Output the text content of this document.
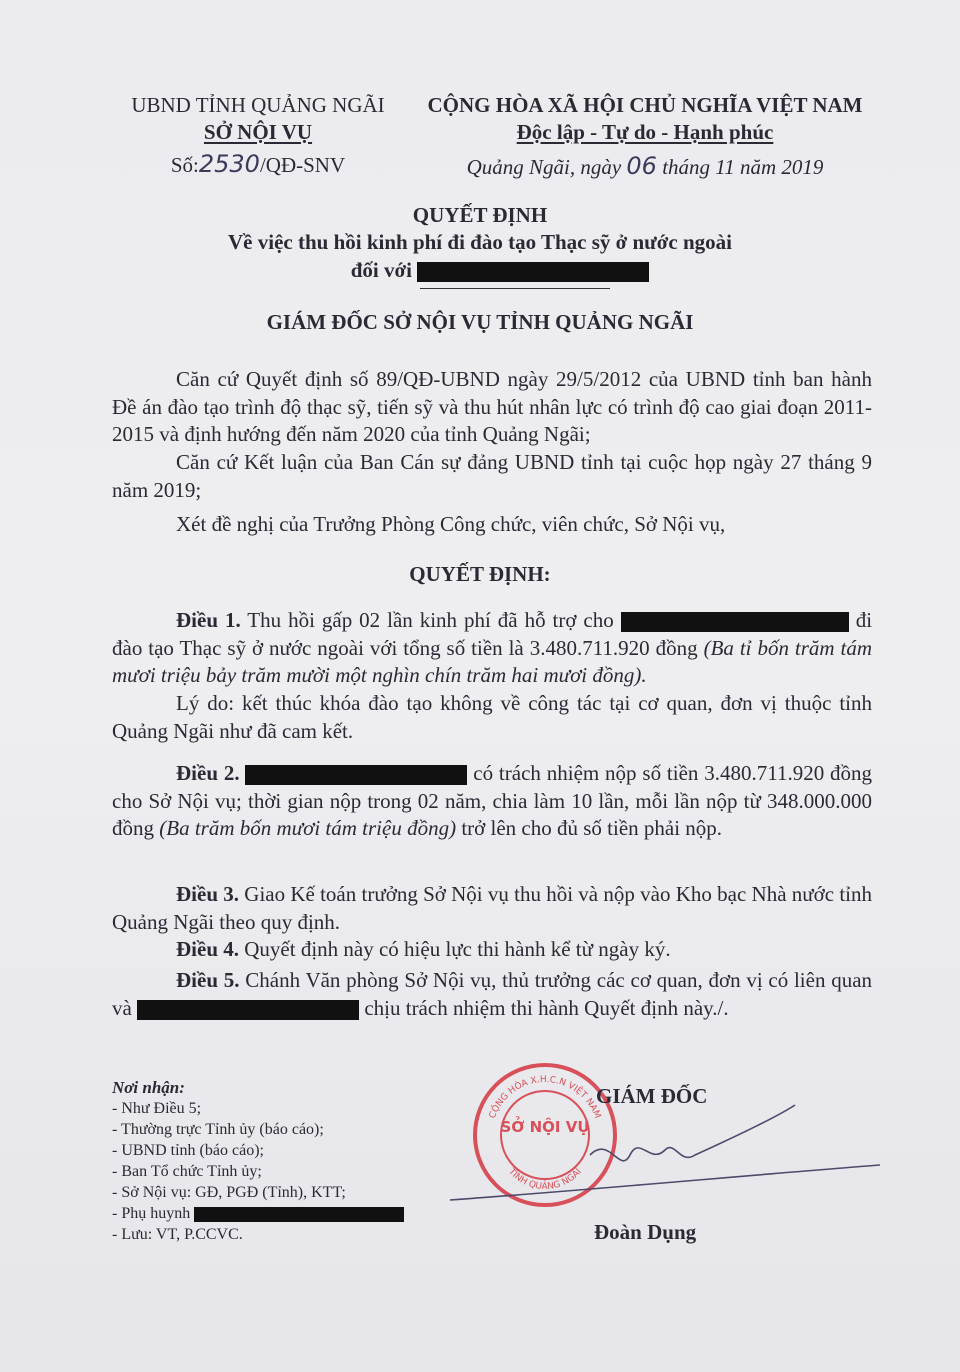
UBND TỈNH QUẢNG NGÃI
SỞ NỘI VỤ
Số:2530/QĐ-SNV
CỘNG HÒA XÃ HỘI CHỦ NGHĨA VIỆT NAM
Độc lập - Tự do - Hạnh phúc
Quảng Ngãi, ngày 06 tháng 11 năm 2019
QUYẾT ĐỊNH
Về việc thu hồi kinh phí đi đào tạo Thạc sỹ ở nước ngoài
đối với
GIÁM ĐỐC SỞ NỘI VỤ TỈNH QUẢNG NGÃI
Căn cứ Quyết định số 89/QĐ-UBND ngày 29/5/2012 của UBND tỉnh ban hành Đề án đào tạo trình độ thạc sỹ, tiến sỹ và thu hút nhân lực có trình độ cao giai đoạn 2011-2015 và định hướng đến năm 2020 của tỉnh Quảng Ngãi;
Căn cứ Kết luận của Ban Cán sự đảng UBND tỉnh tại cuộc họp ngày 27 tháng 9 năm 2019;
Xét đề nghị của Trưởng Phòng Công chức, viên chức, Sở Nội vụ,
QUYẾT ĐỊNH:
Điều 1. Thu hồi gấp 02 lần kinh phí đã hỗ trợ cho	đi đào tạo Thạc sỹ ở nước ngoài với tổng số tiền là 3.480.711.920 đồng (Ba tỉ bốn trăm tám mươi triệu bảy trăm mười một nghìn chín trăm hai mươi đồng).
Lý do: kết thúc khóa đào tạo không về công tác tại cơ quan, đơn vị thuộc tỉnh Quảng Ngãi như đã cam kết.
Điều 2.	có trách nhiệm nộp số tiền 3.480.711.920 đồng cho Sở Nội vụ; thời gian nộp trong 02 năm, chia làm 10 lần, mỗi lần nộp từ 348.000.000 đồng (Ba trăm bốn mươi tám triệu đồng) trở lên cho đủ số tiền phải nộp.
Điều 3. Giao Kế toán trưởng Sở Nội vụ thu hồi và nộp vào Kho bạc Nhà nước tỉnh Quảng Ngãi theo quy định.
Điều 4. Quyết định này có hiệu lực thi hành kể từ ngày ký.
Điều 5. Chánh Văn phòng Sở Nội vụ, thủ trưởng các cơ quan, đơn vị có liên quan và	chịu trách nhiệm thi hành Quyết định này./.
Nơi nhận:
- Như Điều 5;
- Thường trực Tỉnh ủy (báo cáo);
- UBND tỉnh (báo cáo);
- Ban Tổ chức Tỉnh ủy;
- Sở Nội vụ: GĐ, PGĐ (Tỉnh), KTT;
- Phụ huynh
- Lưu: VT, P.CCVC.
CỘNG HÒA X.H.C.N VIỆT NAM
TỈNH QUẢNG NGÃI
SỞ NỘI VỤ
GIÁM ĐỐC
Đoàn Dụng
